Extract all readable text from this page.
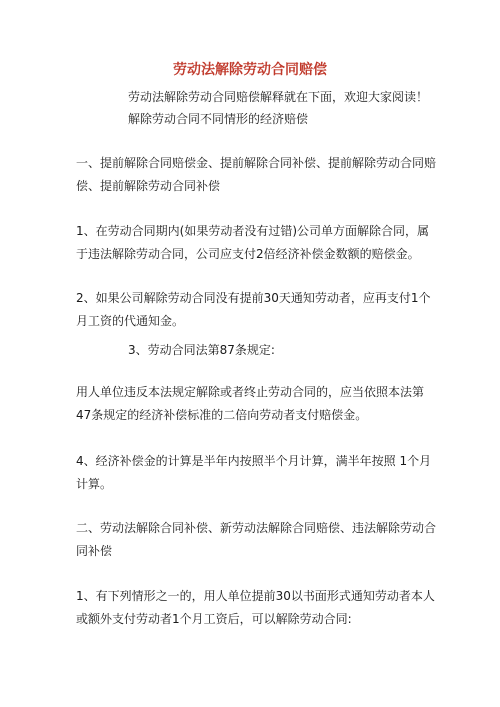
劳动法解除劳动合同赔偿
劳动法解除劳动合同赔偿解释就在下面，欢迎大家阅读！
解除劳动合同不同情形的经济赔偿
一、提前解除合同赔偿金、提前解除合同补偿、提前解除劳动合同赔偿、提前解除劳动合同补偿
1、在劳动合同期内(如果劳动者没有过错)公司单方面解除合同，属于违法解除劳动合同，公司应支付2倍经济补偿金数额的赔偿金。
2、如果公司解除劳动合同没有提前30天通知劳动者，应再支付1个月工资的代通知金。
3、劳动合同法第87条规定:
用人单位违反本法规定解除或者终止劳动合同的，应当依照本法第 47条规定的经济补偿标准的二倍向劳动者支付赔偿金。
4、经济补偿金的计算是半年内按照半个月计算，满半年按照 1个月计算。
二、劳动法解除合同补偿、新劳动法解除合同赔偿、违法解除劳动合同补偿
1、有下列情形之一的，用人单位提前30以书面形式通知劳动者本人或额外支付劳动者1个月工资后，可以解除劳动合同:
